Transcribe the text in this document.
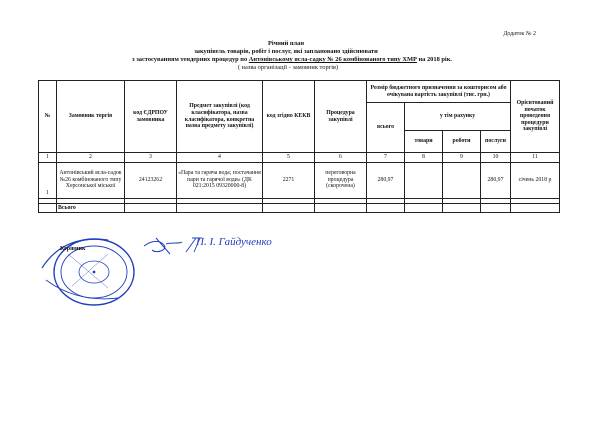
Додаток № 2
Річний план
закупівель товарів, робіт і послуг, які заплановано здійснювати
з застосуванням тендерних процедур по Антонівському ясла-садку № 26 комбінованого типу ХМР на 2018 рік.
( назва організації - замовник торгів)
№	Замовник торгів	код ЄДРПОУ замовника	Предмет закупівлі (код класифікатора, назва класифікатора, конкретна назва предмету закупівлі)	код згідно КЕКВ	Процедура закупівлі	Розмір бюджетного призначення за кошторисом або очікувана вартість закупівлі (тис. грн.)				Орієнтований початок проведення процедури закупівлі
						всього	у тім рахунку			
							товари	роботи	послуги	
1	2	3	4	5	6	7	8	9	10	11
1	Антонівський ясла-садок №26 комбінованого типу Херсонської міської	24123262	«Пара та гаряча вода; постачання пари та гарячої води» (ДК 021:2015 09320000-8)	2271	переговорна процедура (скорочена)	280,97			280,97	січень 2018 р

	Всього									
Керівник
П. І. Гайдученко
